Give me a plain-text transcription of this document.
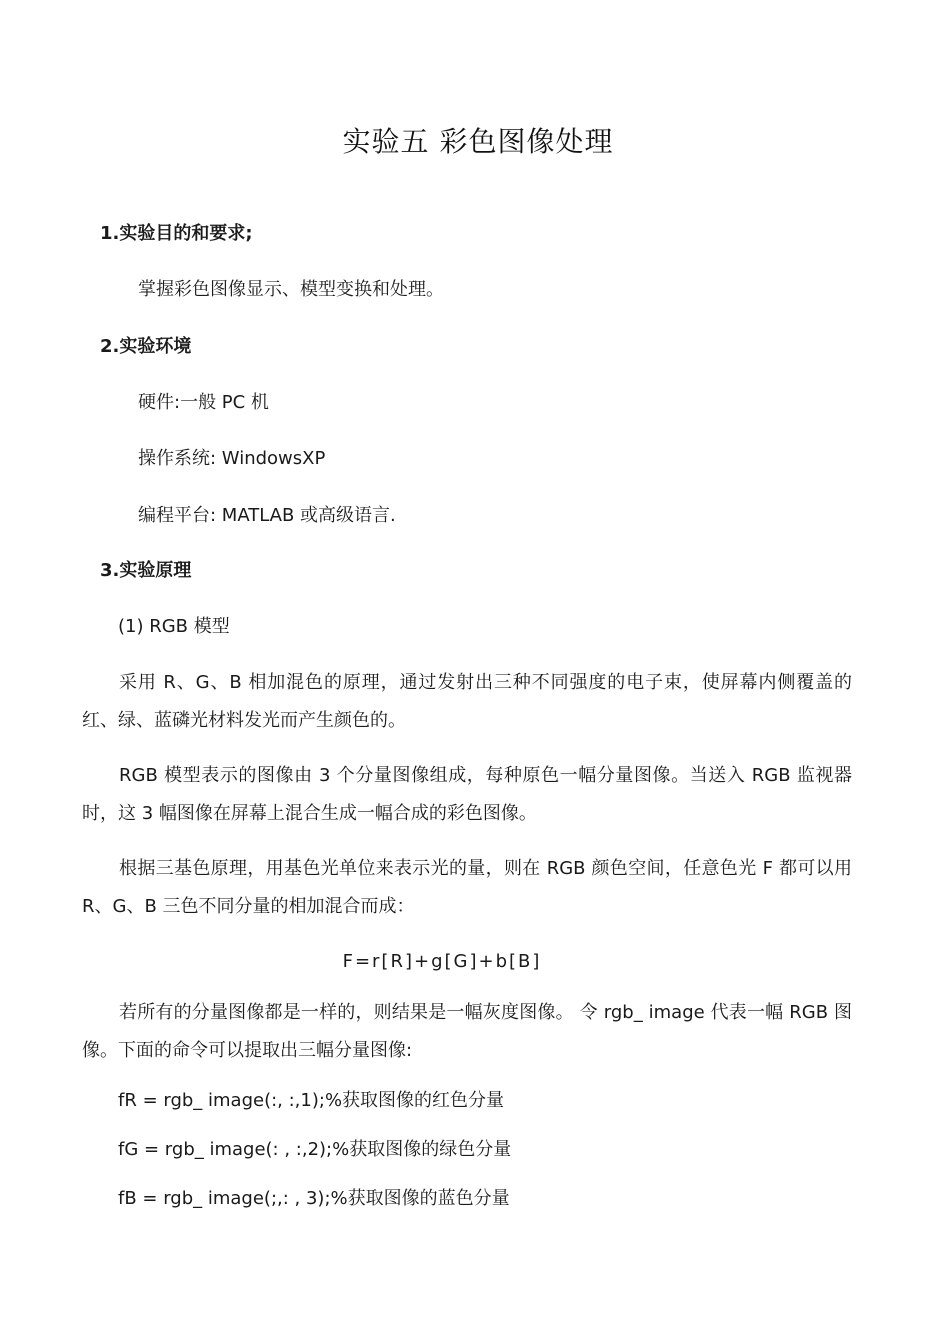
实验五 彩色图像处理
1.实验目的和要求;
掌握彩色图像显示、模型变换和处理。
2.实验环境
硬件:一般 PC 机
操作系统: WindowsXP
编程平台: MATLAB 或高级语言.
3.实验原理
(1) RGB 模型
采用 R、G、B 相加混色的原理，通过发射出三种不同强度的电子束，使屏幕内侧覆盖的红、绿、蓝磷光材料发光而产生颜色的。
RGB 模型表示的图像由 3 个分量图像组成，每种原色一幅分量图像。当送入 RGB 监视器时，这 3 幅图像在屏幕上混合生成一幅合成的彩色图像。
根据三基色原理，用基色光单位来表示光的量，则在 RGB 颜色空间，任意色光 F 都可以用 R、G、B 三色不同分量的相加混合而成：
F=r[R]+g[G]+b[B]
若所有的分量图像都是一样的，则结果是一幅灰度图像。 令 rgb_ image 代表一幅 RGB 图像。下面的命令可以提取出三幅分量图像:
fR = rgb_ image(:, :,1);%获取图像的红色分量
fG = rgb_ image(: , :,2);%获取图像的绿色分量
fB = rgb_ image(;,: , 3);%获取图像的蓝色分量
